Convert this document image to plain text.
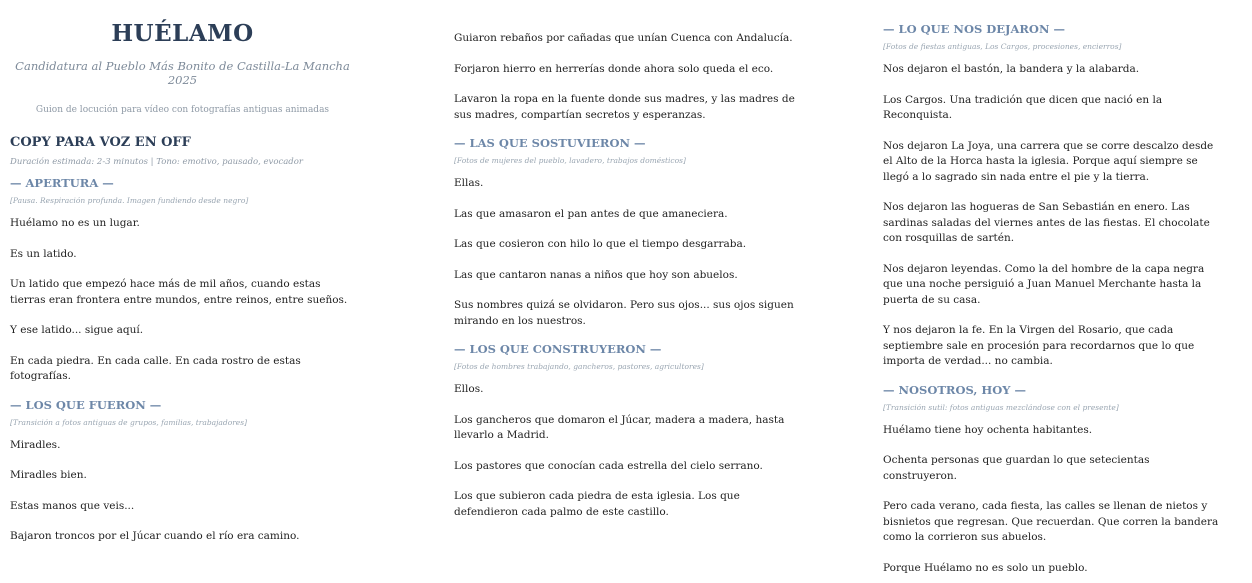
HUÉLAMO
Candidatura al Pueblo Más Bonito de Castilla-La Mancha 2025
Guion de locución para vídeo con fotografías antiguas animadas
COPY PARA VOZ EN OFF
Duración estimada: 2-3 minutos | Tono: emotivo, pausado, evocador
— APERTURA —
[Pausa. Respiración profunda. Imagen fundiendo desde negro]

Huélamo no es un lugar.

Es un latido.

Un latido que empezó hace más de mil años, cuando estas tierras eran frontera entre mundos, entre reinos, entre sueños.

Y ese latido... sigue aquí.

En cada piedra. En cada calle. En cada rostro de estas fotografías.

— LOS QUE FUERON —
[Transición a fotos antiguas de grupos, familias, trabajadores]

Miradles.

Miradles bien.

Estas manos que veis...

Bajaron troncos por el Júcar cuando el río era camino.

Guiaron rebaños por cañadas que unían Cuenca con Andalucía.

Forjaron hierro en herrerías donde ahora solo queda el eco.

Lavaron la ropa en la fuente donde sus madres, y las madres de sus madres, compartían secretos y esperanzas.

— LAS QUE SOSTUVIERON —
[Fotos de mujeres del pueblo, lavadero, trabajos domésticos]

Ellas.

Las que amasaron el pan antes de que amaneciera.

Las que cosieron con hilo lo que el tiempo desgarraba.

Las que cantaron nanas a niños que hoy son abuelos.

Sus nombres quizá se olvidaron. Pero sus ojos... sus ojos siguen mirando en los nuestros.

— LOS QUE CONSTRUYERON —
[Fotos de hombres trabajando, gancheros, pastores, agricultores]

Ellos.

Los gancheros que domaron el Júcar, madera a madera, hasta llevarlo a Madrid.

Los pastores que conocían cada estrella del cielo serrano.

Los que subieron cada piedra de esta iglesia. Los que defendieron cada palmo de este castillo.

— LO QUE NOS DEJARON —
[Fotos de fiestas antiguas, Los Cargos, procesiones, encierros]

Nos dejaron el bastón, la bandera y la alabarda.

Los Cargos. Una tradición que dicen que nació en la Reconquista.

Nos dejaron La Joya, una carrera que se corre descalzo desde el Alto de la Horca hasta la iglesia. Porque aquí siempre se llegó a lo sagrado sin nada entre el pie y la tierra.

Nos dejaron las hogueras de San Sebastián en enero. Las sardinas saladas del viernes antes de las fiestas. El chocolate con rosquillas de sartén.

Nos dejaron leyendas. Como la del hombre de la capa negra que una noche persiguió a Juan Manuel Merchante hasta la puerta de su casa.

Y nos dejaron la fe. En la Virgen del Rosario, que cada septiembre sale en procesión para recordarnos que lo que importa de verdad... no cambia.

— NOSOTROS, HOY —
[Transición sutil: fotos antiguas mezclándose con el presente]

Huélamo tiene hoy ochenta habitantes.

Ochenta personas que guardan lo que setecientas construyeron.

Pero cada verano, cada fiesta, las calles se llenan de nietos y bisnietos que regresan. Que recuerdan. Que corren la bandera como la corrieron sus abuelos.

Porque Huélamo no es solo un pueblo.
